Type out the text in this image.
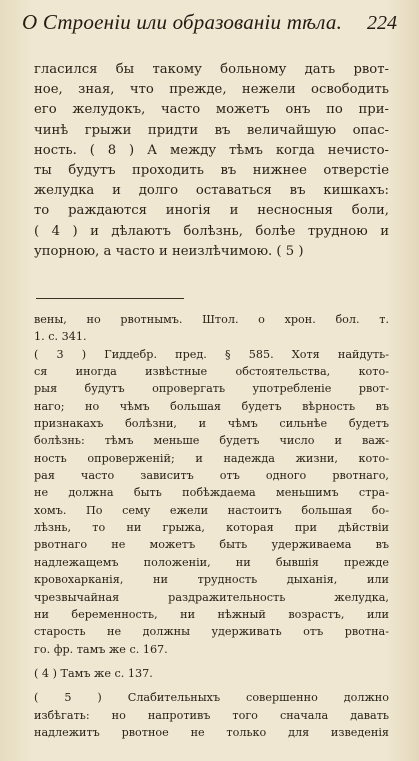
О Строеніи или образованіи тѣла. 224
гласился бы такому больному дать рвот-
ное, зная, что прежде, нежели освободить
его желудокъ, часто можетъ онъ по при-
чинѣ грыжи придти въ величайшую опас-
ность. ( 8 ) А между тѣмъ когда нечисто-
ты будутъ проходить въ нижнее отверстіе
желудка и долго оставаться въ кишкахъ:
то раждаются иногія и несносныя боли,
( 4 ) и дѣлаютъ болѣзнь, болѣе трудною и
упорною, а часто и неизлѣчимою. ( 5 )
вены, но рвотнымъ. Штол. о хрон. бол. т.
1. с. 341.
( 3 ) Гиддебр. пред. § 585. Хотя найдуть-
ся иногда извѣстные обстоятельства, кото-
рыя будутъ опровергать употребленіе рвот-
наго; но чѣмъ большая будетъ вѣрность въ
признакахъ болѣзни, и чѣмъ сильнѣе будетъ
болѣзнь: тѣмъ меньше будетъ число и важ-
ность опроверженій; и надежда жизни, кото-
рая часто зависитъ отъ одного рвотнаго,
не должна быть побѣждаема меньшимъ стра-
хомъ. По сему ежели настоитъ большая бо-
лѣзнь, то ни грыжа, которая при дѣйствіи
рвотнаго не можетъ быть удерживаема въ
надлежащемъ положеніи, ни бывшія прежде
кровохарканія, ни трудность дыханія, или
чрезвычайная раздражительность желудка,
ни беременность, ни нѣжный возрастъ, или
старость не должны удерживать отъ рвотна-
го. фр. тамъ же с. 167.
( 4 ) Тамъ же с. 137.
( 5 ) Слабительныхъ совершенно должно
избѣгать: но напротивъ того сначала давать
надлежитъ рвотное не только для изведенія
